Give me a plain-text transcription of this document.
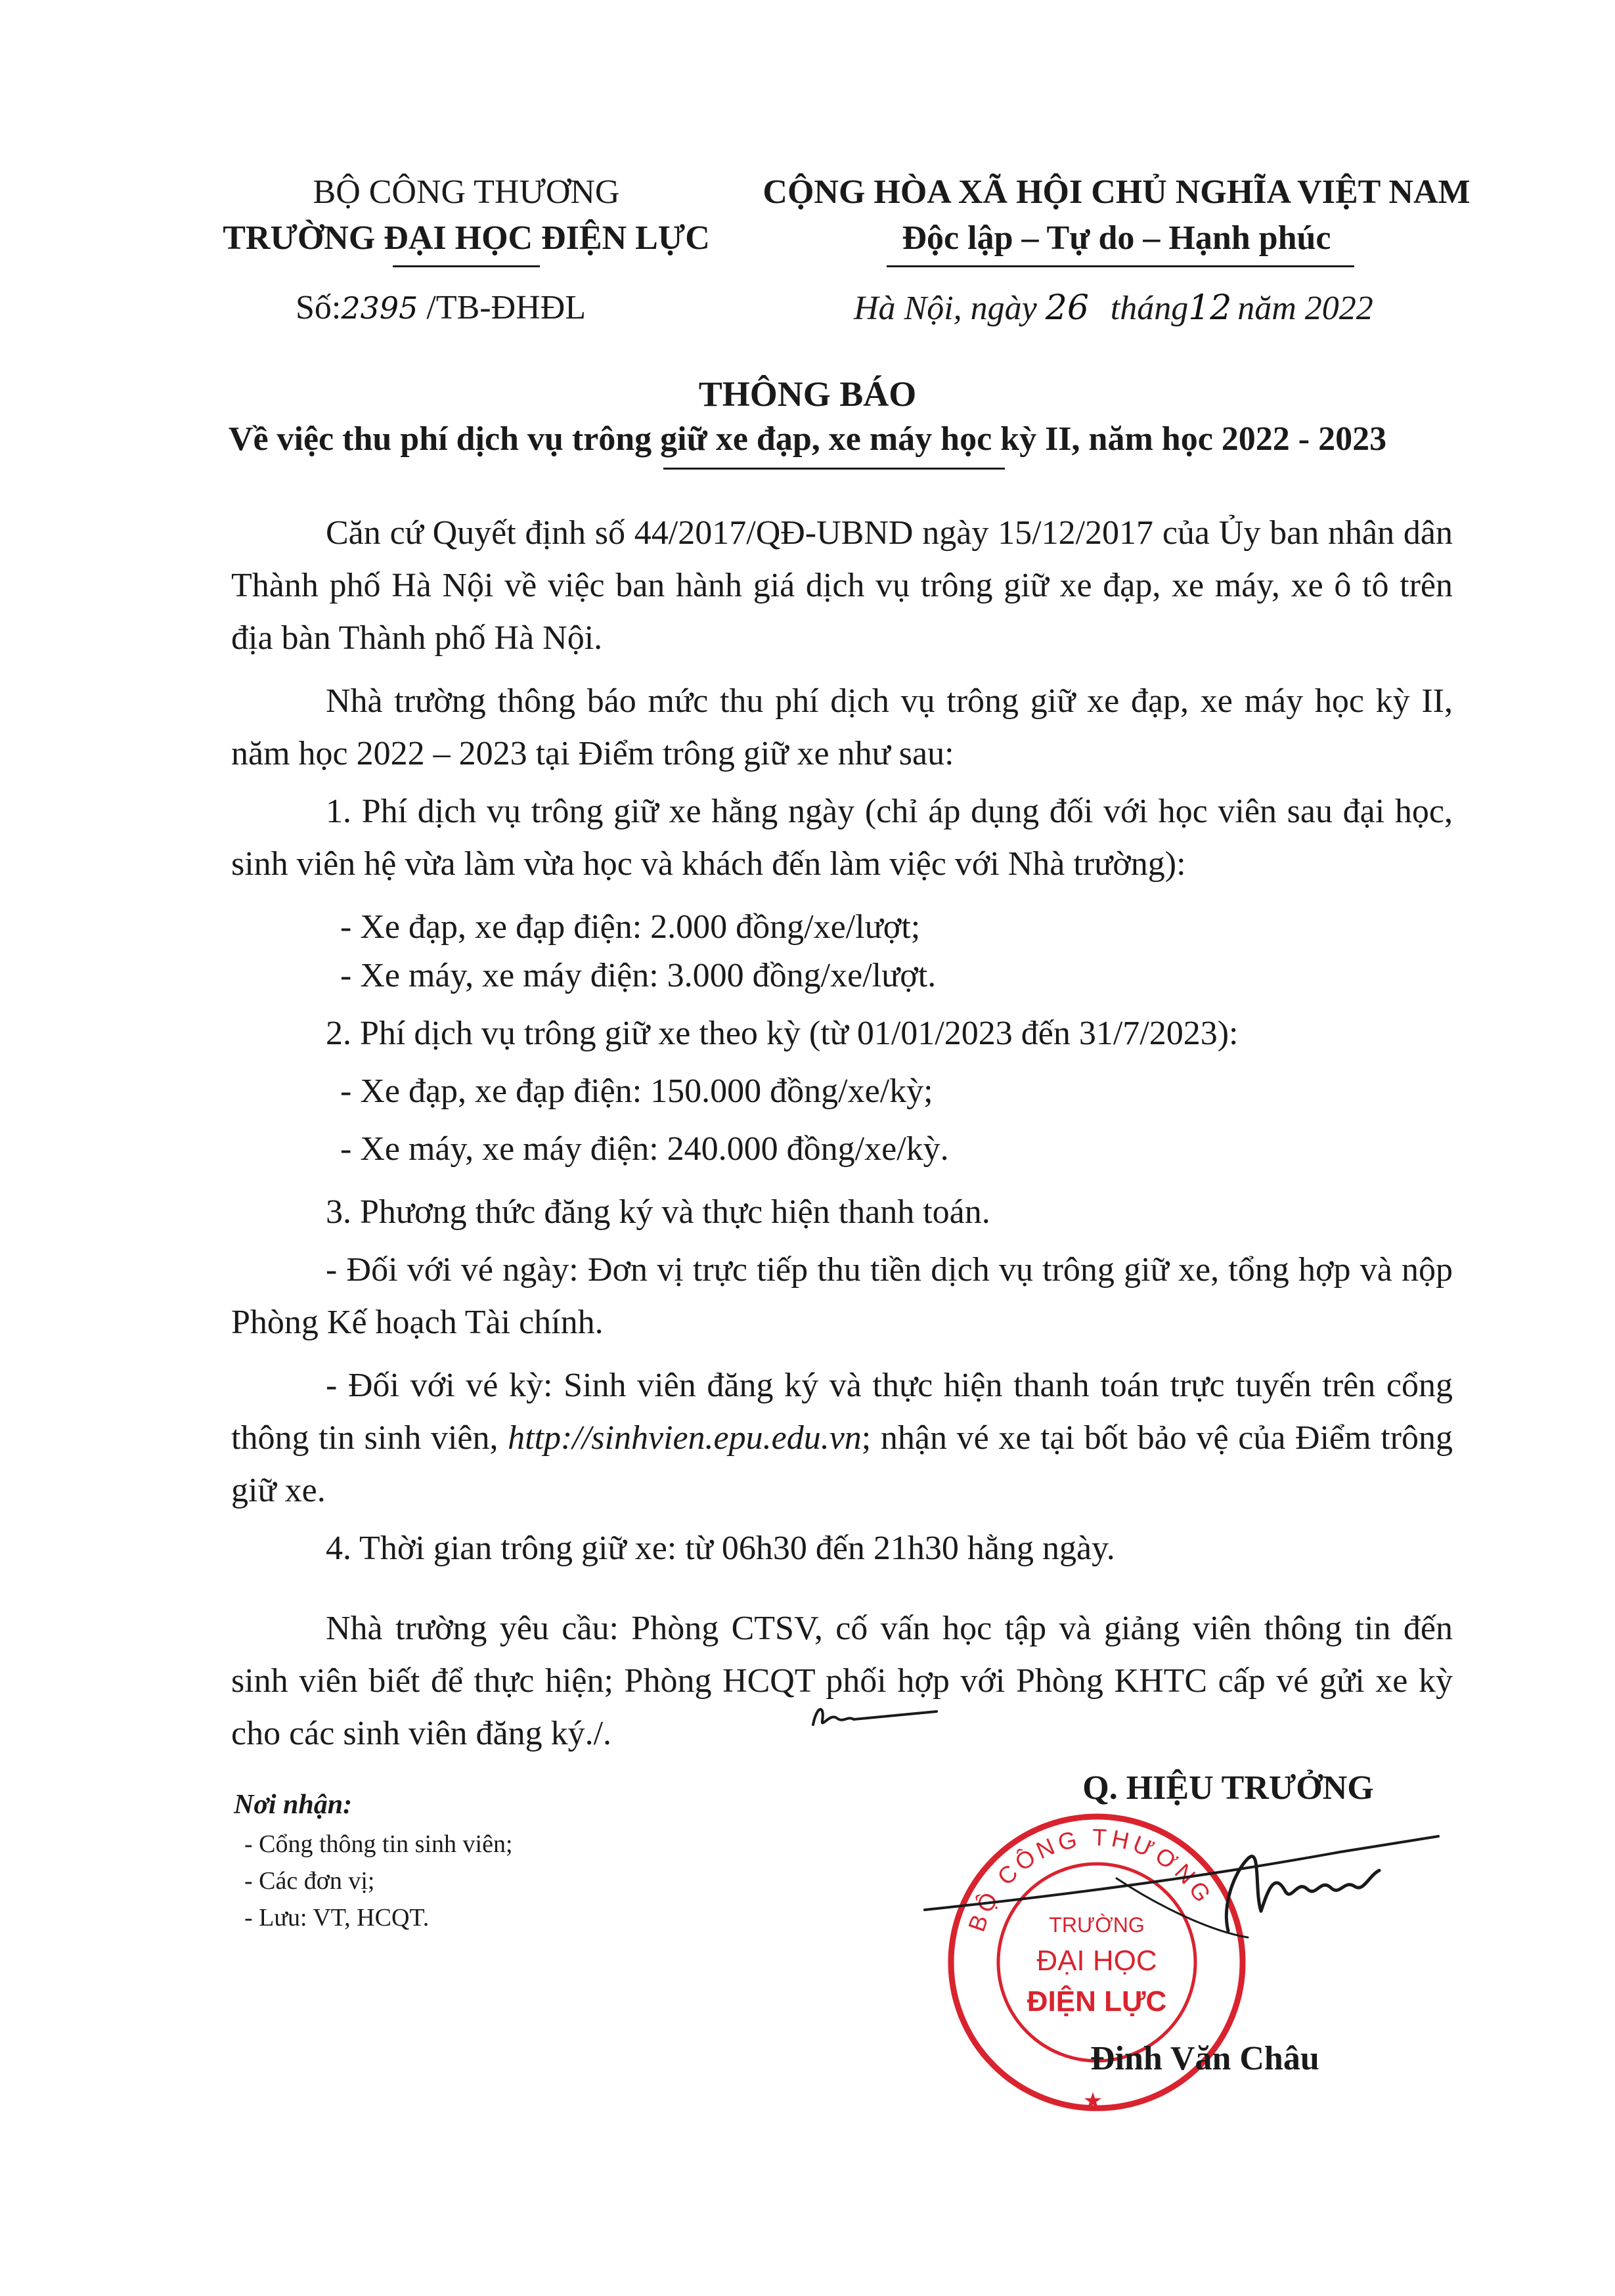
BỘ CÔNG THƯƠNG
TRƯỜNG ĐẠI HỌC ĐIỆN LỰC
Số:2395 /TB-ĐHĐL
CỘNG HÒA XÃ HỘI CHỦ NGHĨA VIỆT NAM
Độc lập – Tự do – Hạnh phúc
Hà Nội, ngày 26 tháng12 năm 2022
THÔNG BÁO
Về việc thu phí dịch vụ trông giữ xe đạp, xe máy học kỳ II, năm học 2022 - 2023
Căn cứ Quyết định số 44/2017/QĐ-UBND ngày 15/12/2017 của Ủy ban nhân dân Thành phố Hà Nội về việc ban hành giá dịch vụ trông giữ xe đạp, xe máy, xe ô tô trên địa bàn Thành phố Hà Nội.
Nhà trường thông báo mức thu phí dịch vụ trông giữ xe đạp, xe máy học kỳ II, năm học 2022 – 2023 tại Điểm trông giữ xe như sau:
1. Phí dịch vụ trông giữ xe hằng ngày (chỉ áp dụng đối với học viên sau đại học, sinh viên hệ vừa làm vừa học và khách đến làm việc với Nhà trường):
- Xe đạp, xe đạp điện: 2.000 đồng/xe/lượt;
- Xe máy, xe máy điện: 3.000 đồng/xe/lượt.
2. Phí dịch vụ trông giữ xe theo kỳ (từ 01/01/2023 đến 31/7/2023):
- Xe đạp, xe đạp điện: 150.000 đồng/xe/kỳ;
- Xe máy, xe máy điện: 240.000 đồng/xe/kỳ.
3. Phương thức đăng ký và thực hiện thanh toán.
- Đối với vé ngày: Đơn vị trực tiếp thu tiền dịch vụ trông giữ xe, tổng hợp và nộp Phòng Kế hoạch Tài chính.
- Đối với vé kỳ: Sinh viên đăng ký và thực hiện thanh toán trực tuyến trên cổng thông tin sinh viên, http://sinhvien.epu.edu.vn; nhận vé xe tại bốt bảo vệ của Điểm trông giữ xe.
4. Thời gian trông giữ xe: từ 06h30 đến 21h30 hằng ngày.
Nhà trường yêu cầu: Phòng CTSV, cố vấn học tập và giảng viên thông tin đến sinh viên biết để thực hiện; Phòng HCQT phối hợp với Phòng KHTC cấp vé gửi xe kỳ cho các sinh viên đăng ký./.
Nơi nhận:
- Cổng thông tin sinh viên;
- Các đơn vị;
- Lưu: VT, HCQT.
Q. HIỆU TRƯỞNG
BỘ CÔNG THƯƠNG
TRƯỜNG
ĐẠI HỌC
ĐIỆN LỰC
★
Đinh Văn Châu
